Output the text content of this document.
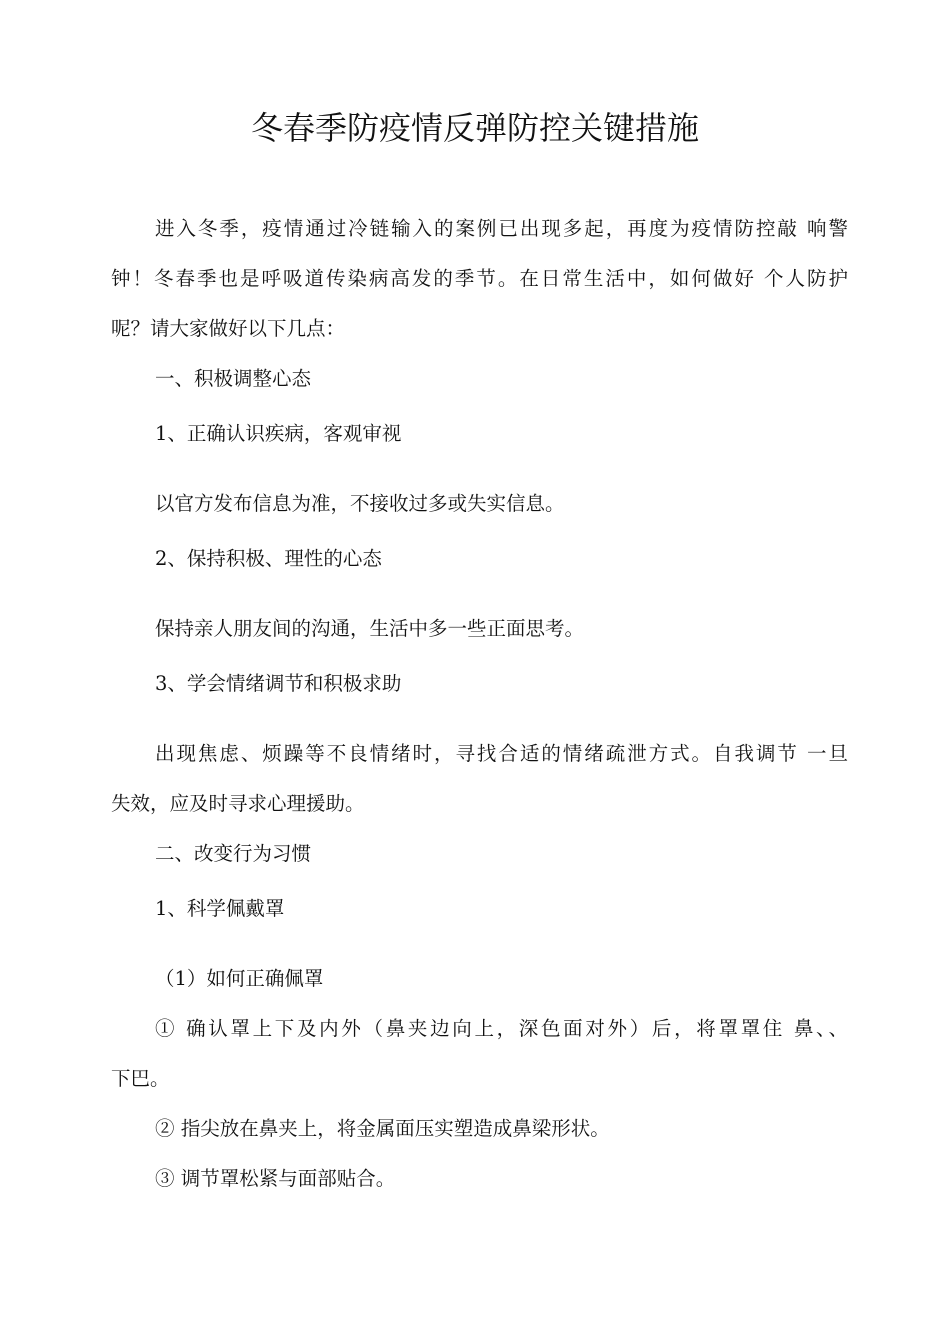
冬春季防疫情反弹防控关键措施
进入冬季，疫情通过冷链输入的案例已出现多起，再度为疫情防控敲 响警
钟！冬春季也是呼吸道传染病高发的季节。在日常生活中，如何做好 个人防护
呢？请大家做好以下几点：
一、积极调整心态
1、正确认识疾病，客观审视
以官方发布信息为准，不接收过多或失实信息。
2、保持积极、理性的心态
保持亲人朋友间的沟通，生活中多一些正面思考。
3、学会情绪调节和积极求助
出现焦虑、烦躁等不良情绪时，寻找合适的情绪疏泄方式。自我调节 一旦
失效，应及时寻求心理援助。
二、改变行为习惯
1、科学佩戴罩
（1）如何正确佩罩
① 确认罩上下及内外（鼻夹边向上，深色面对外）后，将罩罩住 鼻、、
下巴。
② 指尖放在鼻夹上，将金属面压实塑造成鼻梁形状。
③ 调节罩松紧与面部贴合。
